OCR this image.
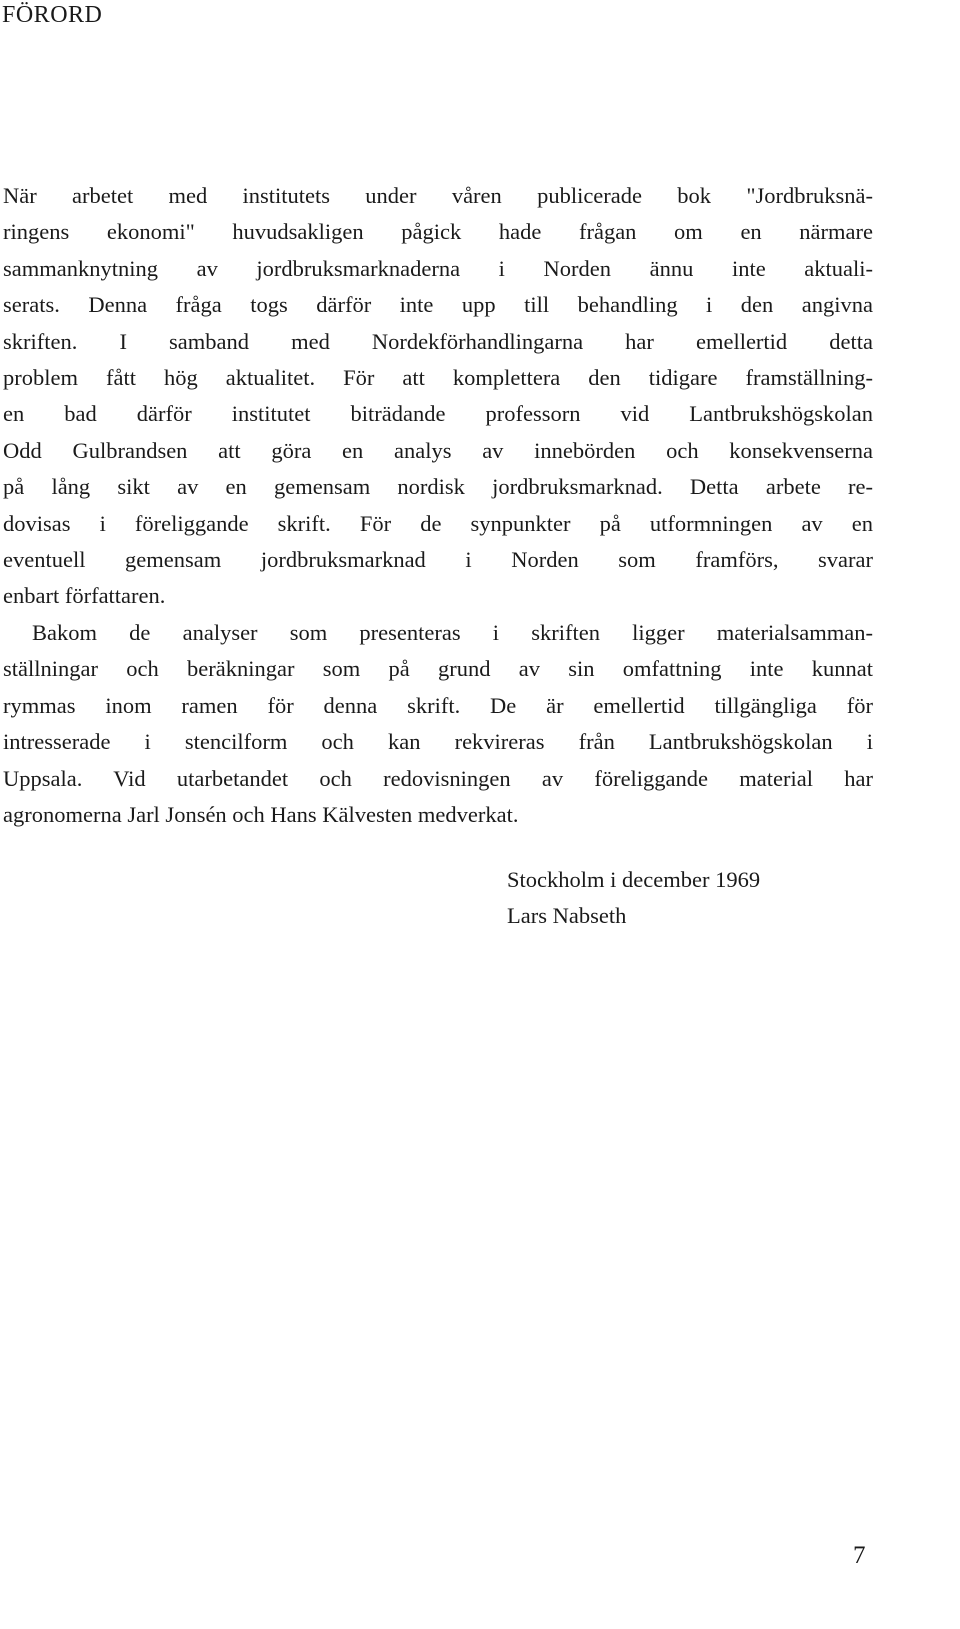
FÖRORD

När arbetet med institutets under våren publicerade bok "Jordbruksnä-
ringens ekonomi" huvudsakligen pågick hade frågan om en närmare
sammanknytning av jordbruksmarknaderna i Norden ännu inte aktuali-
serats. Denna fråga togs därför inte upp till behandling i den angivna
skriften. I samband med Nordekförhandlingarna har emellertid detta
problem fått hög aktualitet. För att komplettera den tidigare framställning-
en bad därför institutet biträdande professorn vid Lantbrukshögskolan
Odd Gulbrandsen att göra en analys av innebörden och konsekvenserna
på lång sikt av en gemensam nordisk jordbruksmarknad. Detta arbete re-
dovisas i föreliggande skrift. För de synpunkter på utformningen av en
eventuell gemensam jordbruksmarknad i Norden som framförs, svarar
enbart författaren.

Bakom de analyser som presenteras i skriften ligger materialsamman-
ställningar och beräkningar som på grund av sin omfattning inte kunnat
rymmas inom ramen för denna skrift. De är emellertid tillgängliga för
intresserade i stencilform och kan rekvireras från Lantbrukshögskolan i
Uppsala. Vid utarbetandet och redovisningen av föreliggande material har
agronomerna Jarl Jonsén och Hans Kälvesten medverkat.

Stockholm i december 1969
Lars Nabseth
7
